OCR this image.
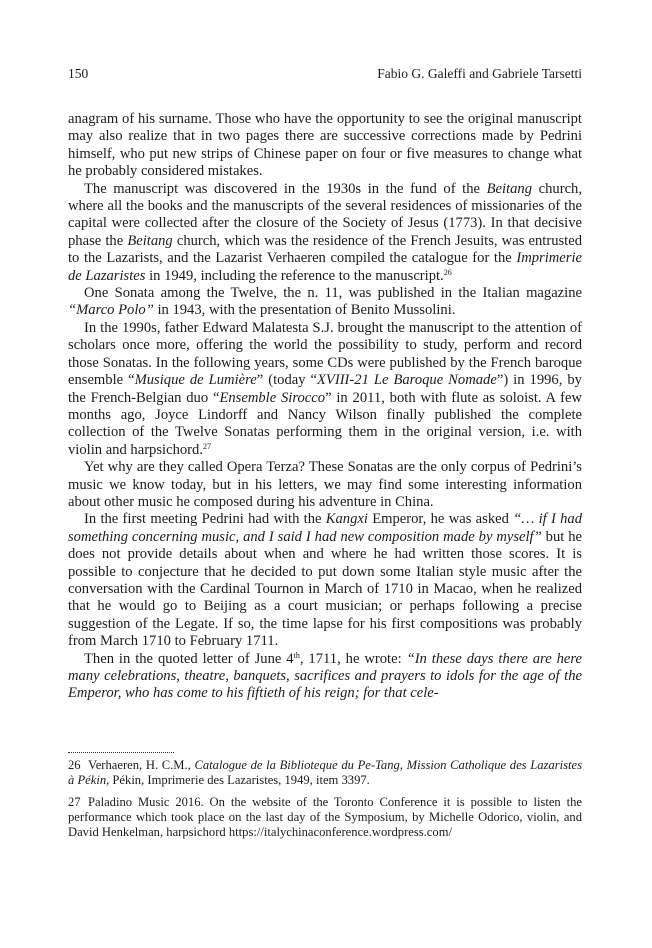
150	Fabio G. Galeffi and Gabriele Tarsetti

anagram of his surname. Those who have the opportunity to see the original manuscript may also realize that in two pages there are successive corrections made by Pedrini himself, who put new strips of Chinese paper on four or five measures to change what he probably considered mistakes.

The manuscript was discovered in the 1930s in the fund of the Beitang church, where all the books and the manuscripts of the several residences of missionaries of the capital were collected after the closure of the Society of Jesus (1773). In that decisive phase the Beitang church, which was the residence of the French Jesuits, was entrusted to the Lazarists, and the Lazarist Verhaeren compiled the catalogue for the Imprimerie de Lazaristes in 1949, including the reference to the manuscript.$^{26}$

One Sonata among the Twelve, the n. 11, was published in the Italian magazine “Marco Polo” in 1943, with the presentation of Benito Mussolini.

In the 1990s, father Edward Malatesta S.J. brought the manuscript to the attention of scholars once more, offering the world the possibility to study, perform and record those Sonatas. In the following years, some CDs were published by the French baroque ensemble “Musique de Lumière” (today “XVIII-21 Le Baroque Nomade”) in 1996, by the French-Belgian duo “Ensemble Sirocco” in 2011, both with flute as soloist. A few months ago, Joyce Lindorff and Nancy Wilson finally published the complete collection of the Twelve Sonatas performing them in the original version, i.e. with violin and harpsichord.$^{27}$

Yet why are they called Opera Terza? These Sonatas are the only corpus of Pedrini’s music we know today, but in his letters, we may find some interesting information about other music he composed during his adventure in China.

In the first meeting Pedrini had with the Kangxi Emperor, he was asked “… if I had something concerning music, and I said I had new composition made by myself” but he does not provide details about when and where he had written those scores. It is possible to conjecture that he decided to put down some Italian style music after the conversation with the Cardinal Tournon in March of 1710 in Macao, when he realized that he would go to Beijing as a court musician; or perhaps following a precise suggestion of the Legate. If so, the time lapse for his first compositions was probably from March 1710 to February 1711.

Then in the quoted letter of June 4th, 1711, he wrote: “In these days there are here many celebrations, theatre, banquets, sacrifices and prayers to idols for the age of the Emperor, who has come to his fiftieth of his reign; for that cele-

26 Verhaeren, H. C.M., Catalogue de la Biblioteque du Pe-Tang, Mission Catholique des Lazaristes à Pékin, Pékin, Imprimerie des Lazaristes, 1949, item 3397.

27 Paladino Music 2016. On the website of the Toronto Conference it is possible to listen the performance which took place on the last day of the Symposium, by Michelle Odorico, violin, and David Henkelman, harpsichord https://italychinaconference.wordpress.com/
